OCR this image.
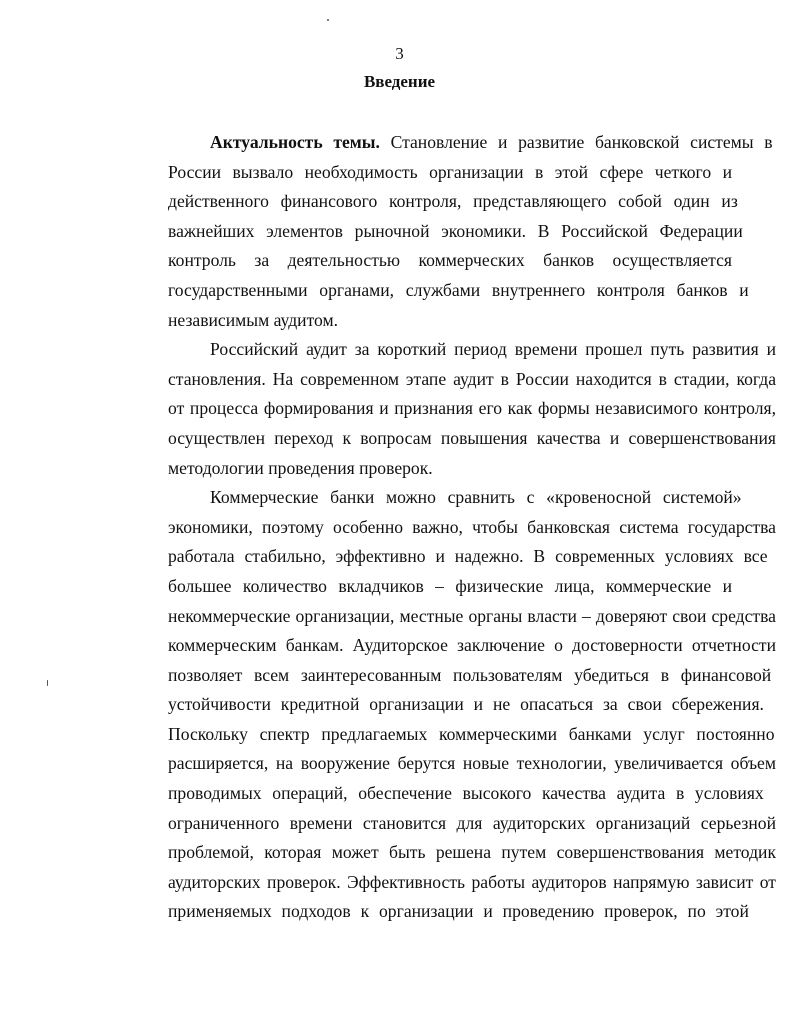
3
Введение
Актуальность темы. Становление и развитие банковской системы в
России вызвало необходимость организации в этой сфере четкого и
действенного финансового контроля, представляющего собой один из
важнейших элементов рыночной экономики. В Российской Федерации
контроль за деятельностью коммерческих банков осуществляется
государственными органами, службами внутреннего контроля банков и
независимым аудитом.
Российский аудит за короткий период времени прошел путь развития и
становления. На современном этапе аудит в России находится в стадии, когда
от процесса формирования и признания его как формы независимого контроля,
осуществлен переход к вопросам повышения качества и совершенствования
методологии проведения проверок.
Коммерческие банки можно сравнить с «кровеносной системой»
экономики, поэтому особенно важно, чтобы банковская система государства
работала стабильно, эффективно и надежно. В современных условиях все
большее количество вкладчиков – физические лица, коммерческие и
некоммерческие организации, местные органы власти – доверяют свои средства
коммерческим банкам. Аудиторское заключение о достоверности отчетности
позволяет всем заинтересованным пользователям убедиться в финансовой
устойчивости кредитной организации и не опасаться за свои сбережения.
Поскольку спектр предлагаемых коммерческими банками услуг постоянно
расширяется, на вооружение берутся новые технологии, увеличивается объем
проводимых операций, обеспечение высокого качества аудита в условиях
ограниченного времени становится для аудиторских организаций серьезной
проблемой, которая может быть решена путем совершенствования методик
аудиторских проверок. Эффективность работы аудиторов напрямую зависит от
применяемых подходов к организации и проведению проверок, по этой
